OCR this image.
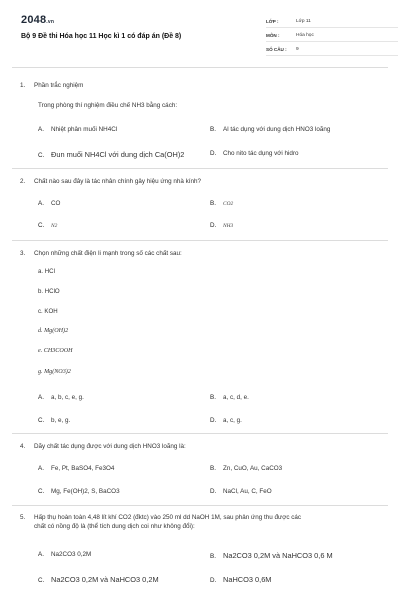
2048.vn
Bộ 9 Đề thi Hóa học 11 Học kì 1 có đáp án (Đề 8)
LỚP :	Lớp 11
MÔN :	Hóa học
SỐ CÂU :	9
1.	Phần trắc nghiệm
Trong phòng thí nghiệm điều chế NH3 bằng cách:
A.	Nhiệt phân muối NH4Cl	B.	Al tác dụng với dung dịch HNO3 loãng
C. Đun muối NH4Cl với dung dịch Ca(OH)2	D.	Cho nito tác dụng với hidro
2.	Chất nào sau đây là tác nhân chính gây hiệu ứng nhà kính?
A.	CO	B.	CO2
C.	N2	D.	NH3
3.	Chọn những chất điện li mạnh trong số các chất sau:
a. HCl
b. HClO
c. KOH
d. Mg(OH)2
e. CH3COOH
g. Mg(NO3)2
A.	a, b, c, e, g.	B.	a, c, d, e.
C.	b, e, g.	D.	a, c, g.
4.	Dãy chất tác dụng được với dung dịch HNO3 loãng là:
A.	Fe, Pt, BaSO4, Fe3O4	B.	Zn, CuO, Au, CaCO3
C.	Mg, Fe(OH)2, S, BaCO3	D.	NaCl, Au, C, FeO
5.	Hấp thụ hoàn toàn 4,48 lít khí CO2 (đktc) vào 250 ml dd NaOH 1M, sau phản ứng thu được các
chất có nồng độ là (thể tích dung dịch coi như không đổi):
A.	Na2CO3 0,2M	B. Na2CO3 0,2M và NaHCO3 0,6 M
C. Na2CO3 0,2M và NaHCO3 0,2M	D. NaHCO3 0,6M
